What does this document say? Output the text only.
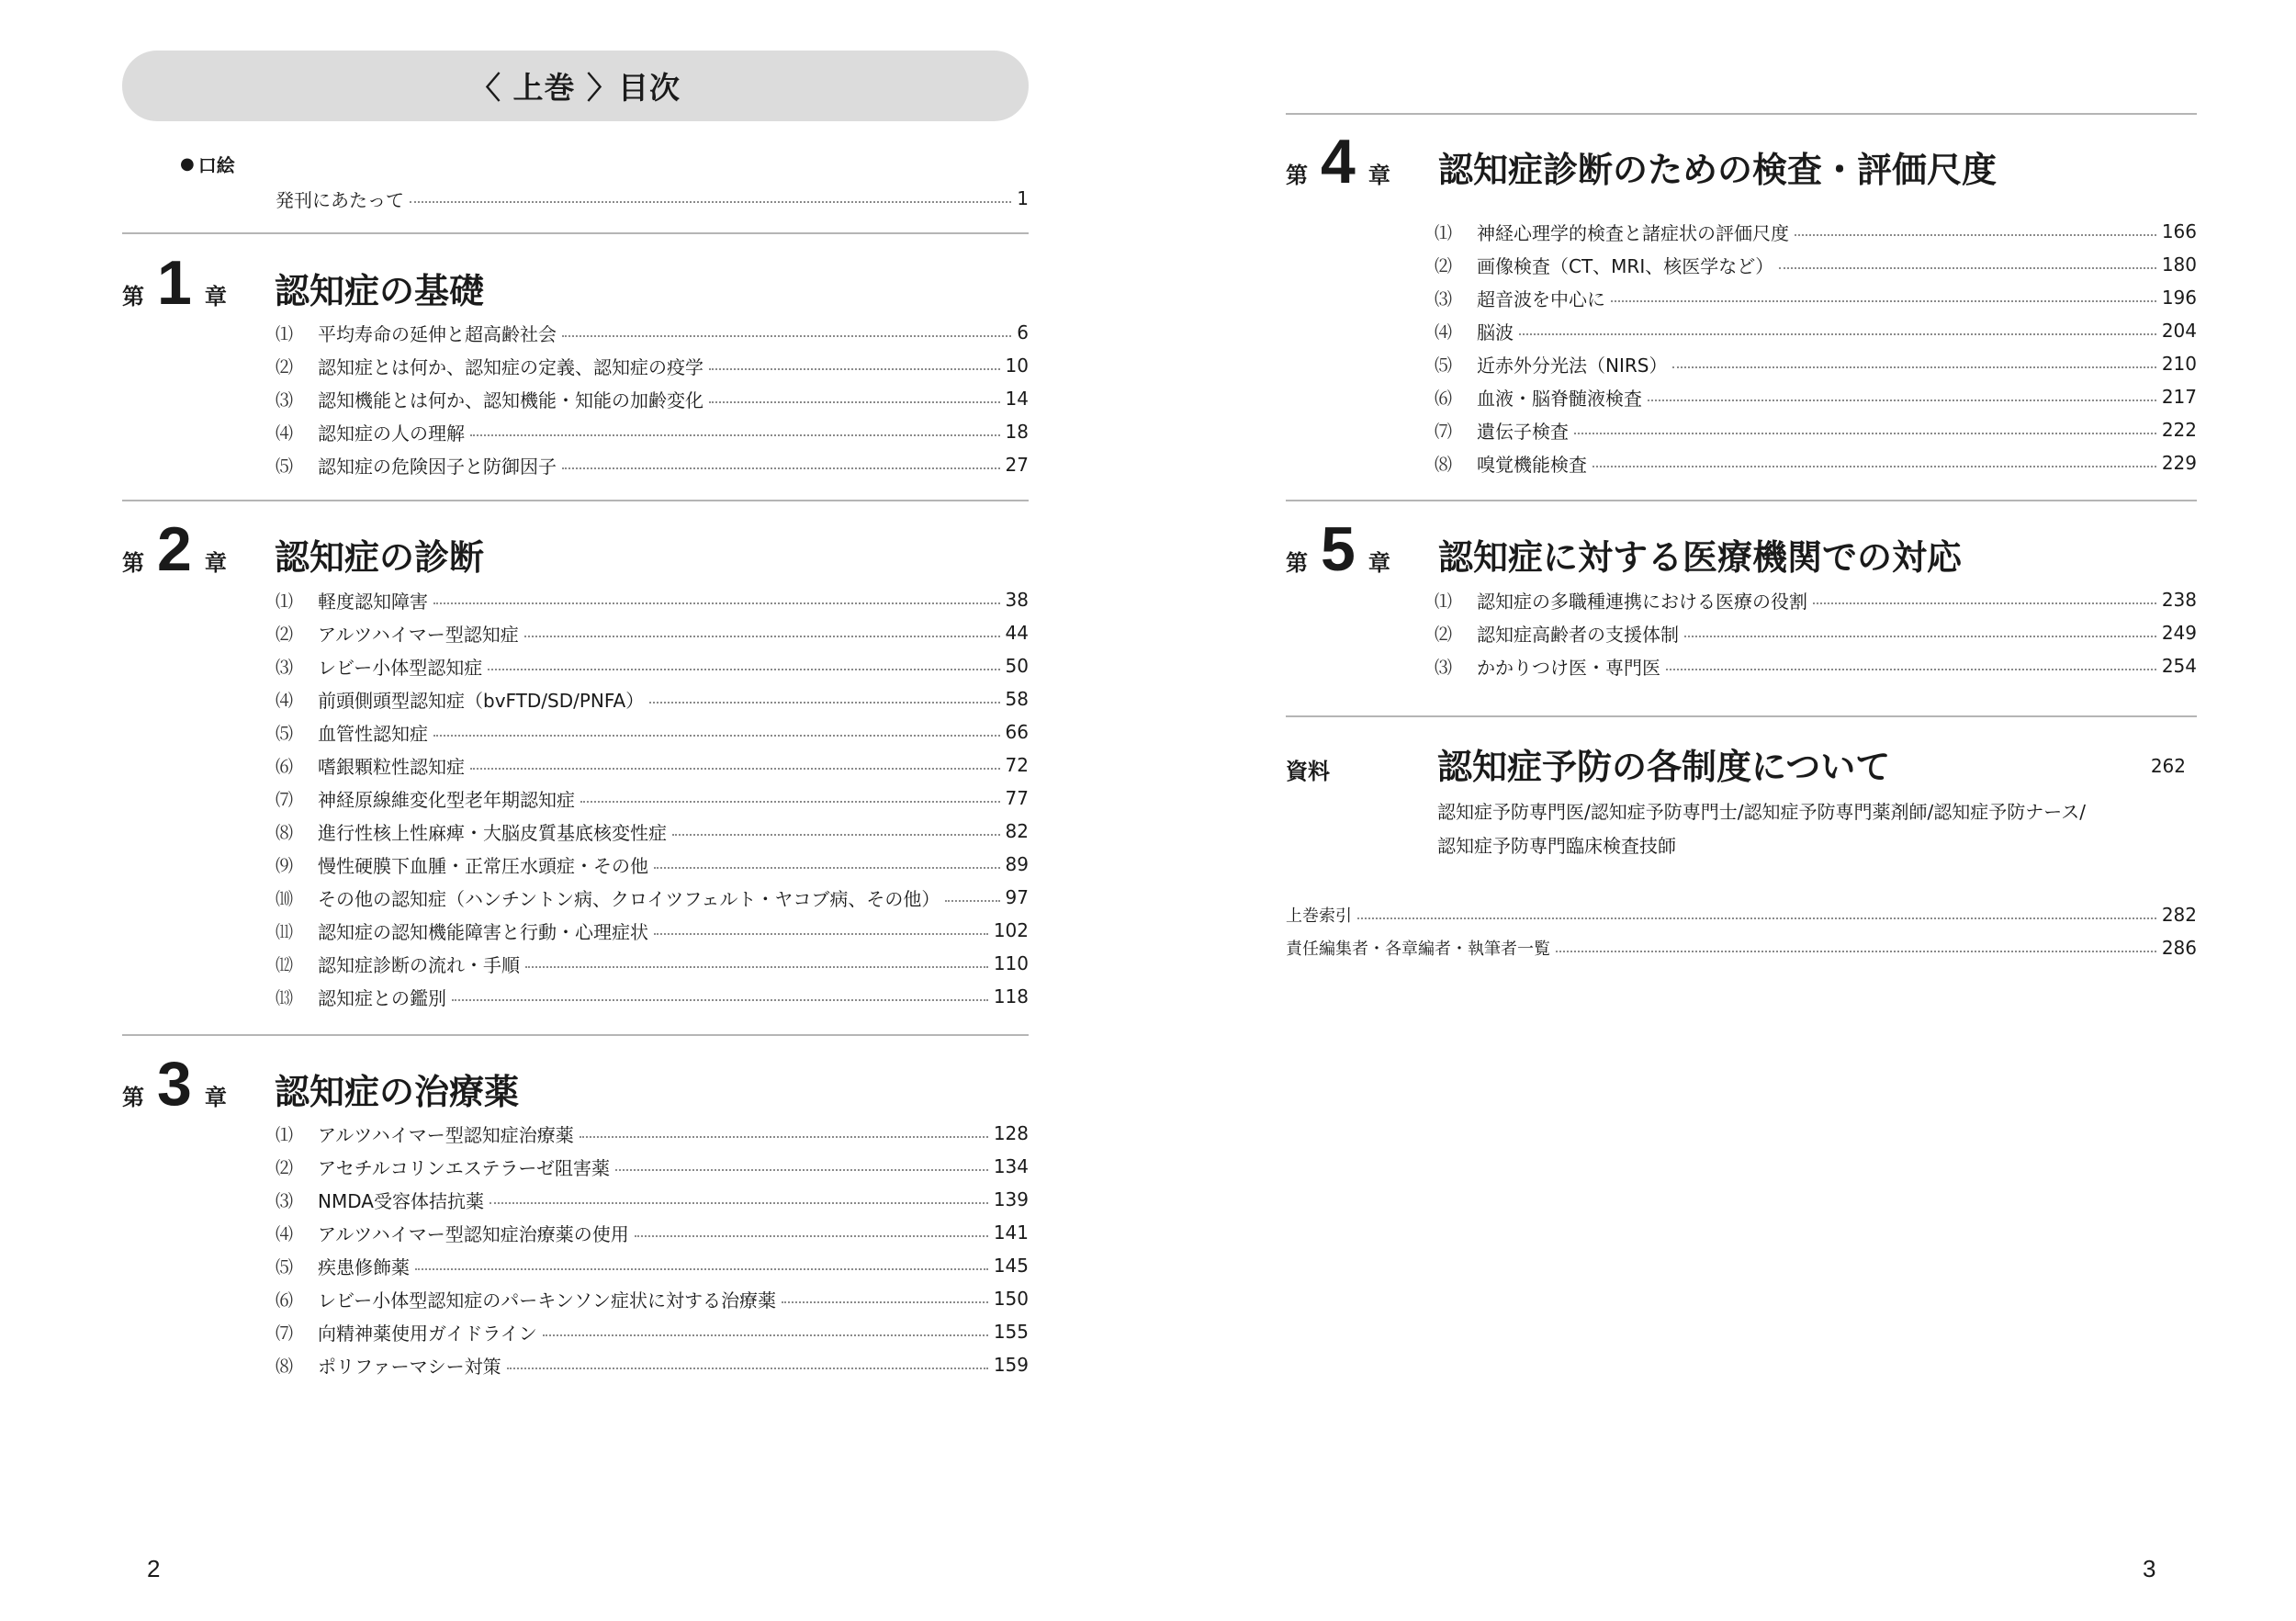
〈 上巻 〉目次
● 口絵
発刊にあたって	1
第 1 章 認知症の基礎
⑴	平均寿命の延伸と超高齢社会	6
⑵	認知症とは何か、認知症の定義、認知症の疫学	10
⑶	認知機能とは何か、認知機能・知能の加齢変化	14
⑷	認知症の人の理解	18
⑸	認知症の危険因子と防御因子	27
第 2 章 認知症の診断
⑴	軽度認知障害	38
⑵	アルツハイマー型認知症	44
⑶	レビー小体型認知症	50
⑷	前頭側頭型認知症（bvFTD/SD/PNFA）	58
⑸	血管性認知症	66
⑹	嗜銀顆粒性認知症	72
⑺	神経原線維変化型老年期認知症	77
⑻	進行性核上性麻痺・大脳皮質基底核変性症	82
⑼	慢性硬膜下血腫・正常圧水頭症・その他	89
⑽	その他の認知症（ハンチントン病、クロイツフェルト・ヤコブ病、その他）	97
⑾	認知症の認知機能障害と行動・心理症状	102
⑿	認知症診断の流れ・手順	110
⒀	認知症との鑑別	118
第 3 章 認知症の治療薬
⑴	アルツハイマー型認知症治療薬	128
⑵	アセチルコリンエステラーゼ阻害薬	134
⑶	NMDA受容体拮抗薬	139
⑷	アルツハイマー型認知症治療薬の使用	141
⑸	疾患修飾薬	145
⑹	レビー小体型認知症のパーキンソン症状に対する治療薬	150
⑺	向精神薬使用ガイドライン	155
⑻	ポリファーマシー対策	159
2
第 4 章 認知症診断のための検査・評価尺度
⑴	神経心理学的検査と諸症状の評価尺度	166
⑵	画像検査（CT、MRI、核医学など）	180
⑶	超音波を中心に	196
⑷	脳波	204
⑸	近赤外分光法（NIRS）	210
⑹	血液・脳脊髄液検査	217
⑺	遺伝子検査	222
⑻	嗅覚機能検査	229
第 5 章 認知症に対する医療機関での対応
⑴	認知症の多職種連携における医療の役割	238
⑵	認知症高齢者の支援体制	249
⑶	かかりつけ医・専門医	254
資料	認知症予防の各制度について	262
認知症予防専門医/認知症予防専門士/認知症予防専門薬剤師/認知症予防ナース/
認知症予防専門臨床検査技師
上巻索引	282
責任編集者・各章編者・執筆者一覧	286
3
